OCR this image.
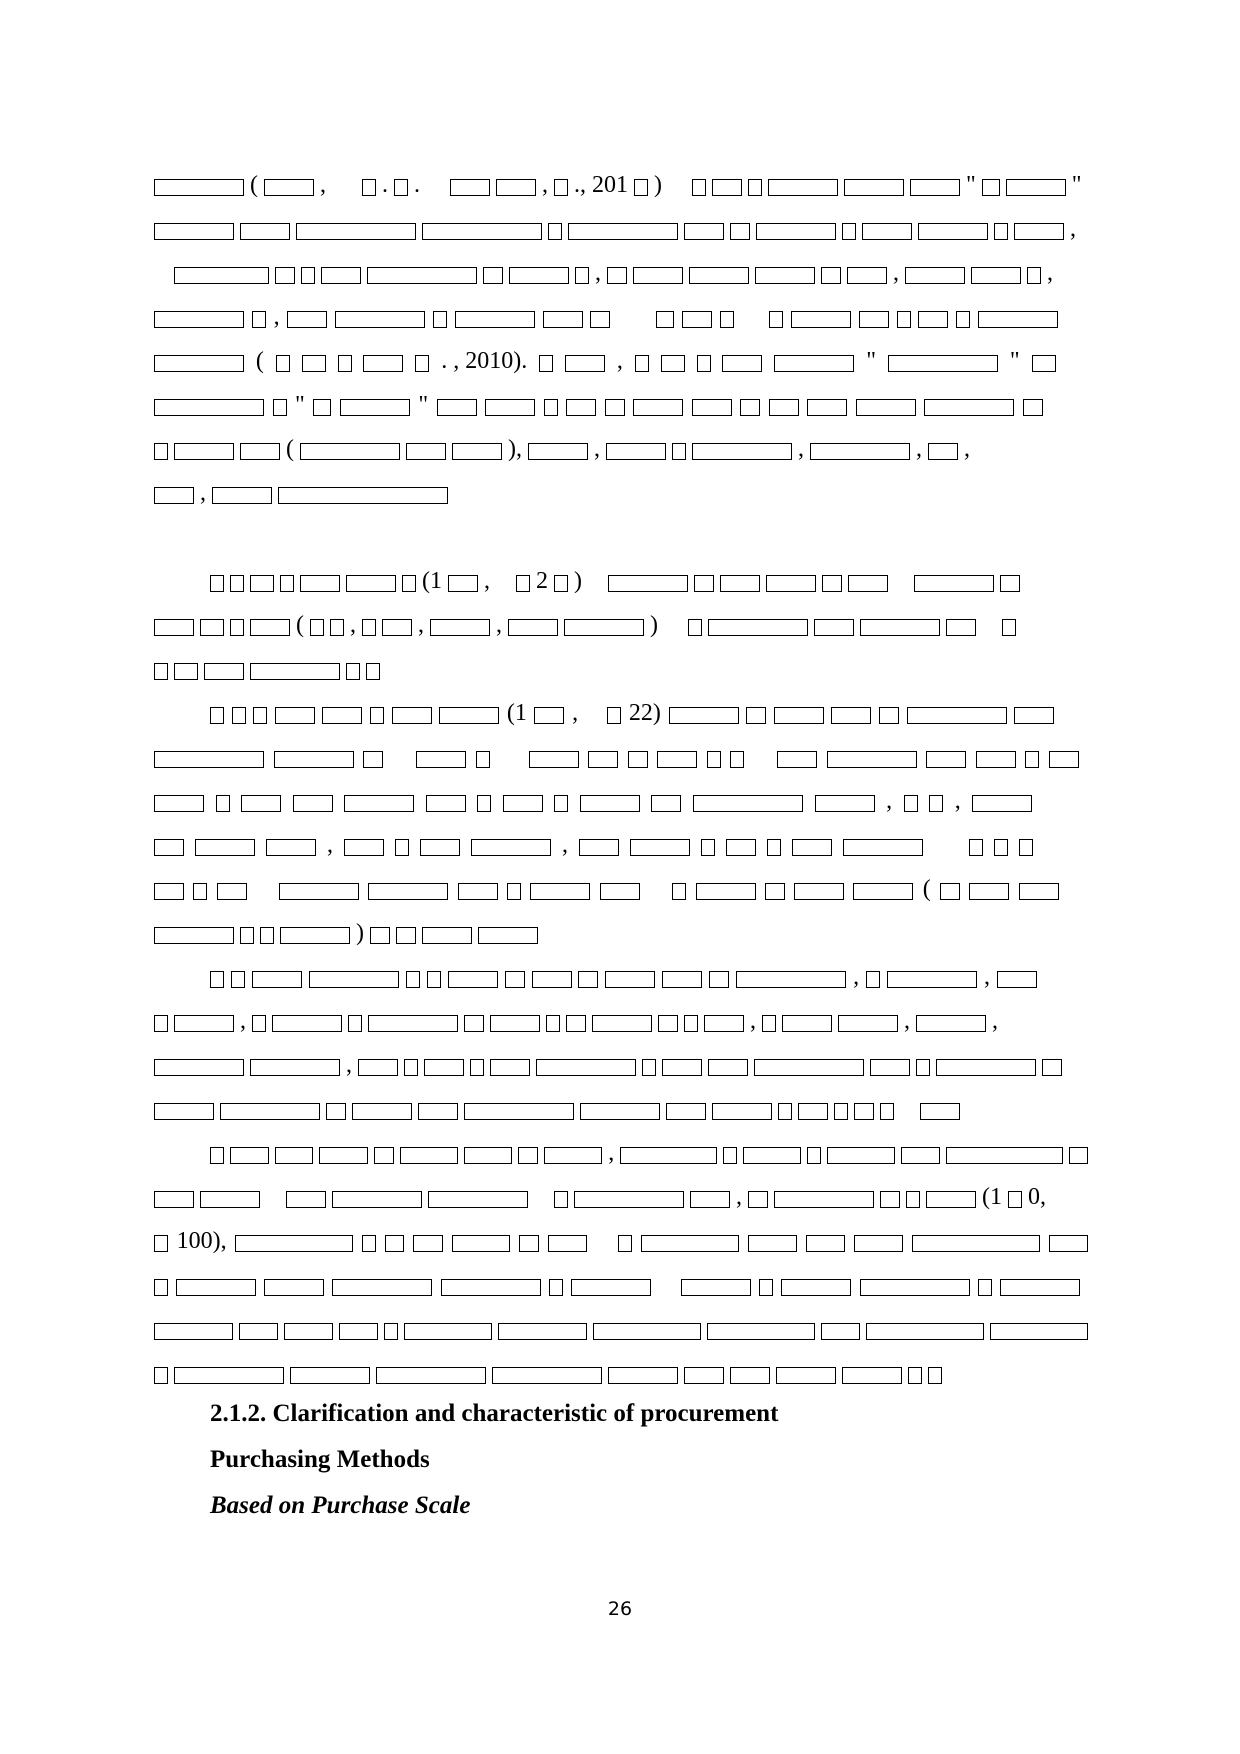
(	, . .	, ., 201 )	"	"
,
,	,	,
,
(	. , 2010).	,	"	"
"	"
(	),	,	,	, ,
,
(1 , 2 )
( ,	,	,	)
(1 , 22)
,	,
,	,
(
)
,	,
,	,	,	,
,
,
,	(1 0,
100),
2.1.2. Clarification and characteristic of procurement
Purchasing Methods
Based on Purchase Scale
26
